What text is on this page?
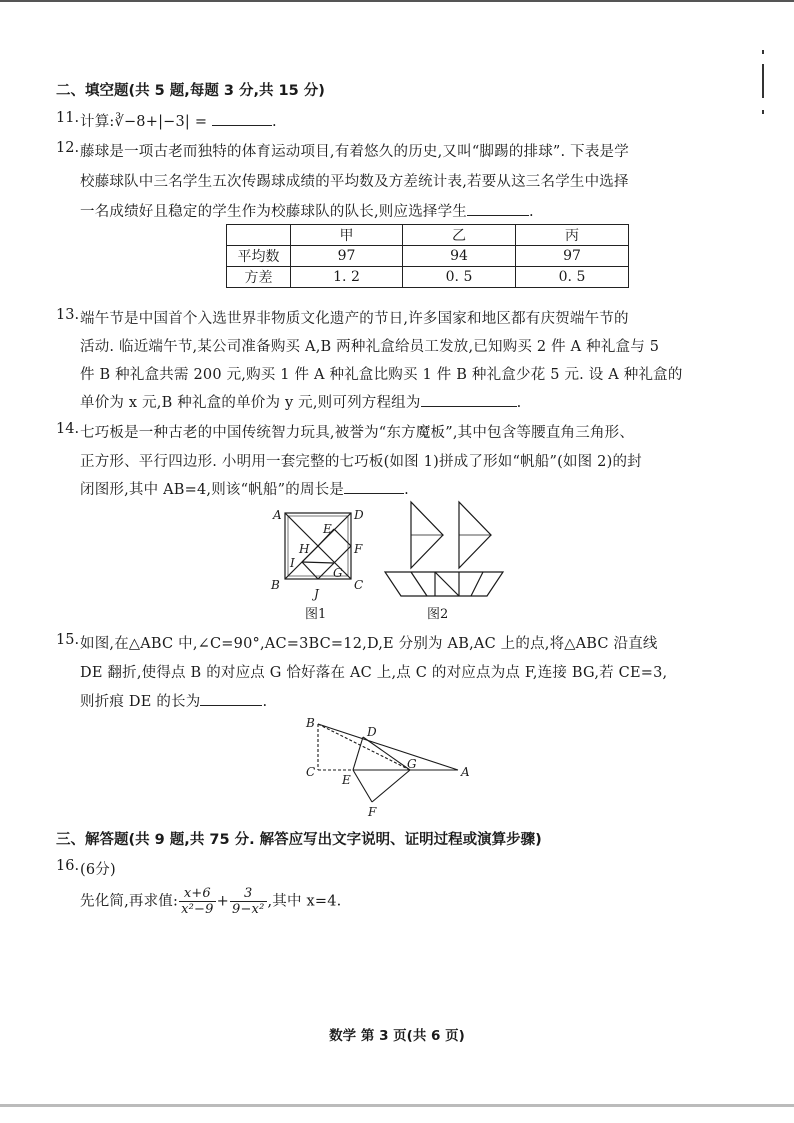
二、填空题(共 5 题,每题 3 分,共 15 分)
11. 计算:∛−8+|−3| =	.
12. 藤球是一项古老而独特的体育运动项目,有着悠久的历史,又叫“脚踢的排球”. 下表是学
校藤球队中三名学生五次传踢球成绩的平均数及方差统计表,若要从这三名学生中选择
一名成绩好且稳定的学生作为校藤球队的队长,则应选择学生	.
	甲	乙	丙
平均数	97	94	97
方差	1. 2	0. 5	0. 5
13. 端午节是中国首个入选世界非物质文化遗产的节日,许多国家和地区都有庆贺端午节的
活动. 临近端午节,某公司准备购买 A,B 两种礼盒给员工发放,已知购买 2 件 A 种礼盒与 5
件 B 种礼盒共需 200 元,购买 1 件 A 种礼盒比购买 1 件 B 种礼盒少花 5 元. 设 A 种礼盒的
单价为 x 元,B 种礼盒的单价为 y 元,则可列方程组为	.
14. 七巧板是一种古老的中国传统智力玩具,被誉为“东方魔板”,其中包含等腰直角三角形、
正方形、平行四边形. 小明用一套完整的七巧板(如图 1)拼成了形如“帆船”(如图 2)的封
闭图形,其中 AB=4,则该“帆船”的周长是	.
A	D
E
H	F
I
G
B
J
C
图1	图2
15. 如图,在△ABC 中,∠C=90°,AC=3BC=12,D,E 分别为 AB,AC 上的点,将△ABC 沿直线
DE 翻折,使得点 B 的对应点 G 恰好落在 AC 上,点 C 的对应点为点 F,连接 BG,若 CE=3,
则折痕 DE 的长为	.
B
D
C
E
G
A
F
三、解答题(共 9 题,共 75 分. 解答应写出文字说明、证明过程或演算步骤)
16. (6分)
先化简,再求值: $\frac{x+6}{\text{x²−9}} + \frac{3}{\text{9−x²}}$ ,其中 x=4.
数学 第 3 页(共 6 页)
